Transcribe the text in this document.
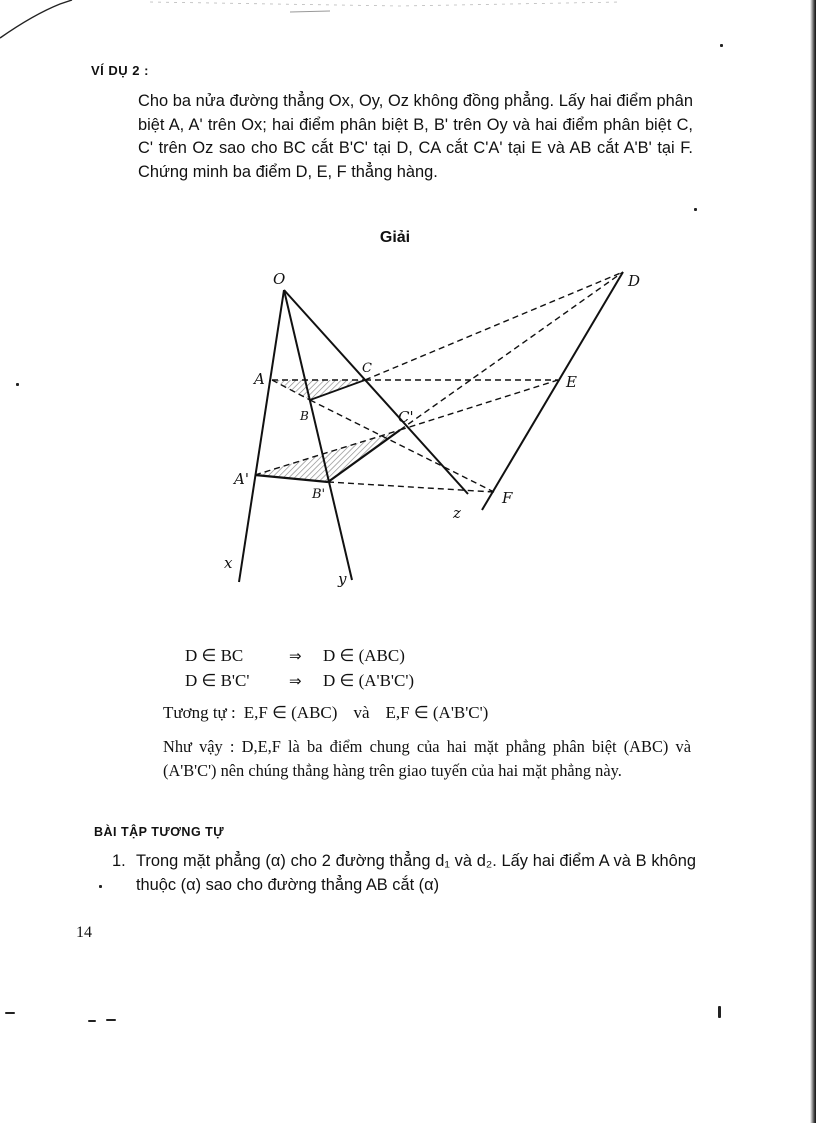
VÍ DỤ 2 :
Cho ba nửa đường thẳng Ox, Oy, Oz không đồng phẳng. Lấy hai điểm phân biệt A, A' trên Ox; hai điểm phân biệt B, B' trên Oy và hai điểm phân biệt C, C' trên Oz sao cho BC cắt B'C' tại D, CA cắt C'A' tại E và AB cắt A'B' tại F. Chứng minh ba điểm D, E, F thẳng hàng.
Giải
O	D
A
C
E
B	C'
A'
B'	F
z
x
y
D ∈ BC	⇒	D ∈ (ABC)
D ∈ B'C'	⇒	D ∈ (A'B'C')
Tương tự : E,F ∈ (ABC) và E,F ∈ (A'B'C')
Như vậy : D,E,F là ba điểm chung của hai mặt phẳng phân biệt (ABC) và (A'B'C') nên chúng thẳng hàng trên giao tuyến của hai mặt phẳng này.
BÀI TẬP TƯƠNG TỰ
1. Trong mặt phẳng (α) cho 2 đường thẳng d₁ và d₂. Lấy hai điểm A và B không thuộc (α) sao cho đường thẳng AB cắt (α)
14
